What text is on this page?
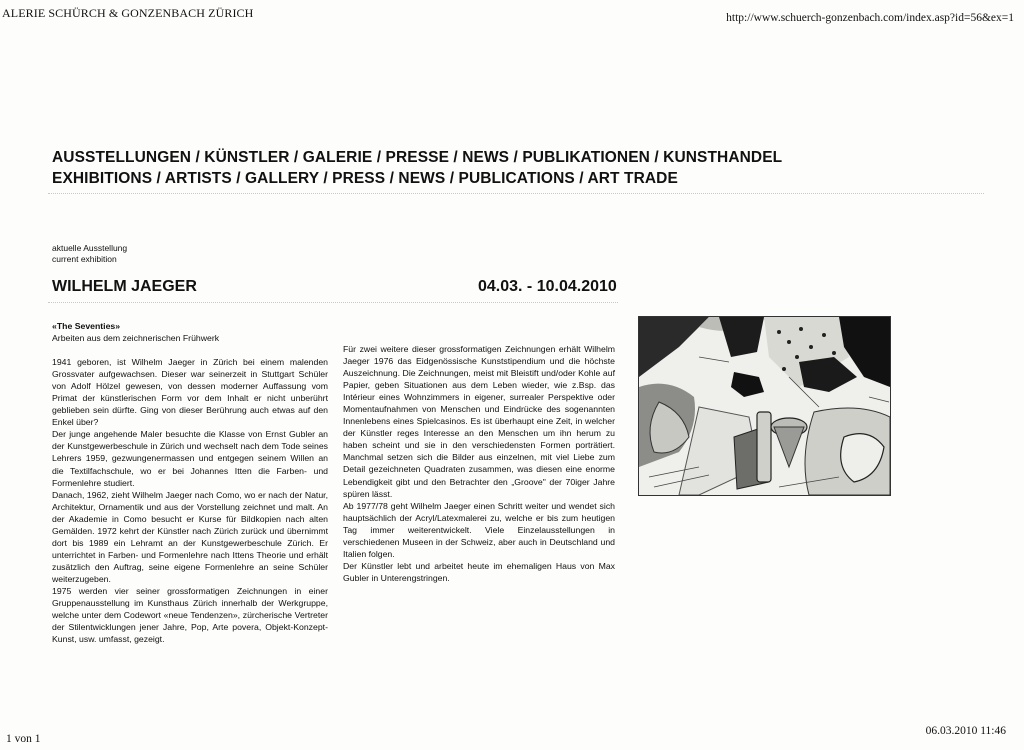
ALERIE SCHÜRCH & GONZENBACH ZÜRICH	http://www.schuerch-gonzenbach.com/index.asp?id=56&ex=1
AUSSTELLUNGEN / KÜNSTLER / GALERIE / PRESSE / NEWS / PUBLIKATIONEN / KUNSTHANDEL
EXHIBITIONS / ARTISTS / GALLERY / PRESS / NEWS / PUBLICATIONS / ART TRADE
aktuelle Ausstellung
current exhibition
WILHELM JAEGER	04.03. - 10.04.2010

«The Seventies»

Arbeiten aus dem zeichnerischen Frühwerk

1941 geboren, ist Wilhelm Jaeger in Zürich bei einem malenden Grossvater aufgewachsen. Dieser war seinerzeit in Stuttgart Schüler von Adolf Hölzel gewesen, von dessen moderner Auffassung vom Primat der künstlerischen Form vor dem Inhalt er nicht unberührt geblieben sein dürfte. Ging von dieser Berührung auch etwas auf den Enkel über?

Der junge angehende Maler besuchte die Klasse von Ernst Gubler an der Kunstgewerbeschule in Zürich und wechselt nach dem Tode seines Lehrers 1959, gezwungenermassen und entgegen seinem Willen an die Textilfachschule, wo er bei Johannes Itten die Farben- und Formenlehre studiert.

Danach, 1962, zieht Wilhelm Jaeger nach Como, wo er nach der Natur, Architektur, Ornamentik und aus der Vorstellung zeichnet und malt. An der Akademie in Como besucht er Kurse für Bildkopien nach alten Gemälden. 1972 kehrt der Künstler nach Zürich zurück und übernimmt dort bis 1989 ein Lehramt an der Kunstgewerbeschule Zürich. Er unterrichtet in Farben- und Formenlehre nach Ittens Theorie und erhält zusätzlich den Auftrag, seine eigene Formenlehre an seine Schüler weiterzugeben.

1975 werden vier seiner grossformatigen Zeichnungen in einer Gruppenausstellung im Kunsthaus Zürich innerhalb der Werkgruppe, welche unter dem Codewort «neue Tendenzen», zürcherische Vertreter der Stilentwicklungen jener Jahre, Pop, Arte povera, Objekt-Konzept-Kunst, usw. umfasst, gezeigt.

Für zwei weitere dieser grossformatigen Zeichnungen erhält Wilhelm Jaeger 1976 das Eidgenössische Kunststipendium und die höchste Auszeichnung. Die Zeichnungen, meist mit Bleistift und/oder Kohle auf Papier, geben Situationen aus dem Leben wieder, wie z.Bsp. das Intérieur eines Wohnzimmers in eigener, surrealer Perspektive oder Momentaufnahmen von Menschen und Eindrücke des sogenannten Innenlebens eines Spielcasinos. Es ist überhaupt eine Zeit, in welcher der Künstler reges Interesse an den Menschen um ihn herum zu haben scheint und sie in den verschiedensten Formen porträtiert. Manchmal setzen sich die Bilder aus einzelnen, mit viel Liebe zum Detail gezeichneten Quadraten zusammen, was diesen eine enorme Lebendigkeit gibt und den Betrachter den „Groove" der 70iger Jahre spüren lässt.

Ab 1977/78 geht Wilhelm Jaeger einen Schritt weiter und wendet sich hauptsächlich der Acryl/Latexmalerei zu, welche er bis zum heutigen Tag immer weiterentwickelt. Viele Einzelausstellungen in verschiedenen Museen in der Schweiz, aber auch in Deutschland und Italien folgen.

Der Künstler lebt und arbeitet heute im ehemaligen Haus von Max Gubler in Unterengstringen.

1 von 1
06.03.2010 11:46
